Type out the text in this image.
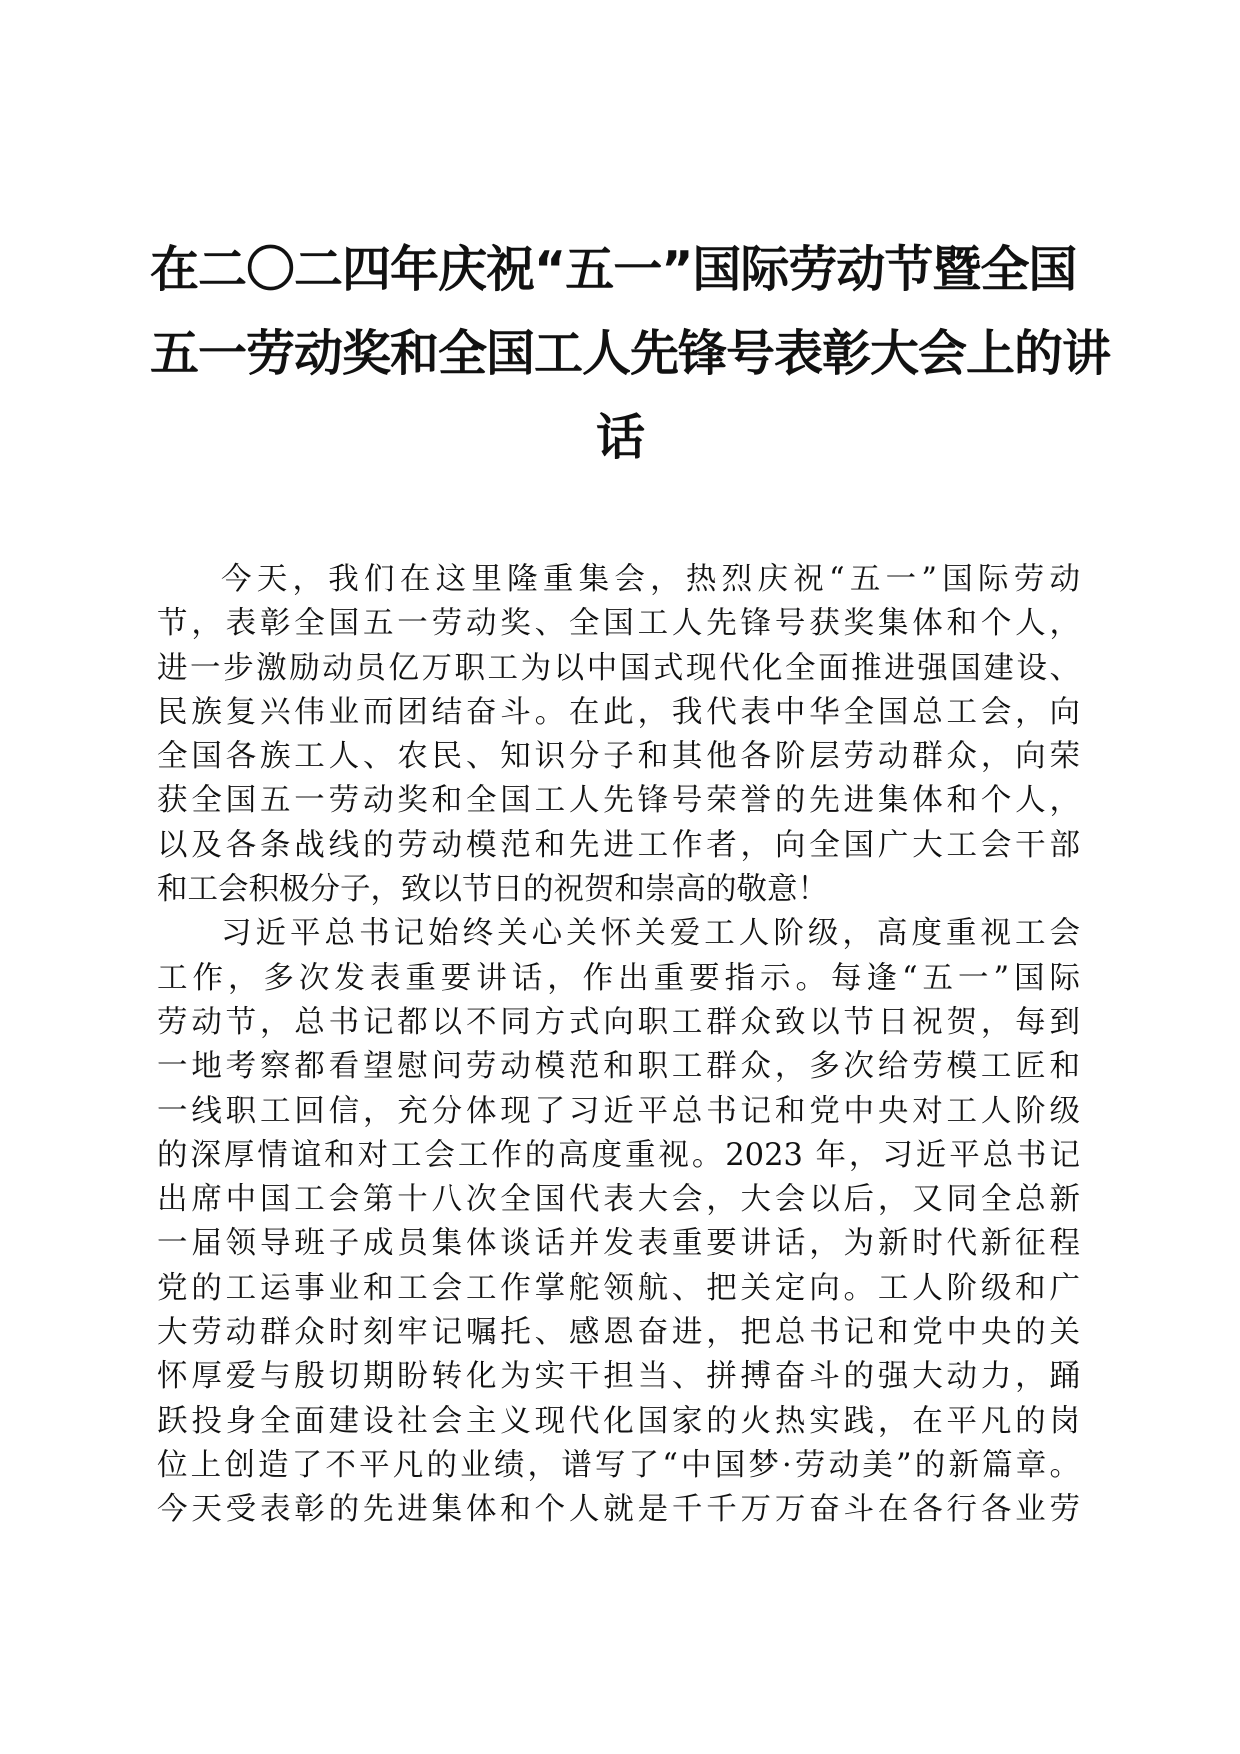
在二〇二四年庆祝“五一”国际劳动节暨全国
五一劳动奖和全国工人先锋号表彰大会上的讲
话
今天，我们在这里隆重集会，热烈庆祝“五一”国际劳动
节，表彰全国五一劳动奖、全国工人先锋号获奖集体和个人，
进一步激励动员亿万职工为以中国式现代化全面推进强国建设、
民族复兴伟业而团结奋斗。在此，我代表中华全国总工会，向
全国各族工人、农民、知识分子和其他各阶层劳动群众，向荣
获全国五一劳动奖和全国工人先锋号荣誉的先进集体和个人，
以及各条战线的劳动模范和先进工作者，向全国广大工会干部
和工会积极分子，致以节日的祝贺和崇高的敬意！
习近平总书记始终关心关怀关爱工人阶级，高度重视工会
工作，多次发表重要讲话，作出重要指示。每逢“五一”国际
劳动节，总书记都以不同方式向职工群众致以节日祝贺，每到
一地考察都看望慰问劳动模范和职工群众，多次给劳模工匠和
一线职工回信，充分体现了习近平总书记和党中央对工人阶级
的深厚情谊和对工会工作的高度重视。2023 年，习近平总书记
出席中国工会第十八次全国代表大会，大会以后，又同全总新
一届领导班子成员集体谈话并发表重要讲话，为新时代新征程
党的工运事业和工会工作掌舵领航、把关定向。工人阶级和广
大劳动群众时刻牢记嘱托、感恩奋进，把总书记和党中央的关
怀厚爱与殷切期盼转化为实干担当、拼搏奋斗的强大动力，踊
跃投身全面建设社会主义现代化国家的火热实践，在平凡的岗
位上创造了不平凡的业绩，谱写了“中国梦·劳动美”的新篇章。
今天受表彰的先进集体和个人就是千千万万奋斗在各行各业劳
